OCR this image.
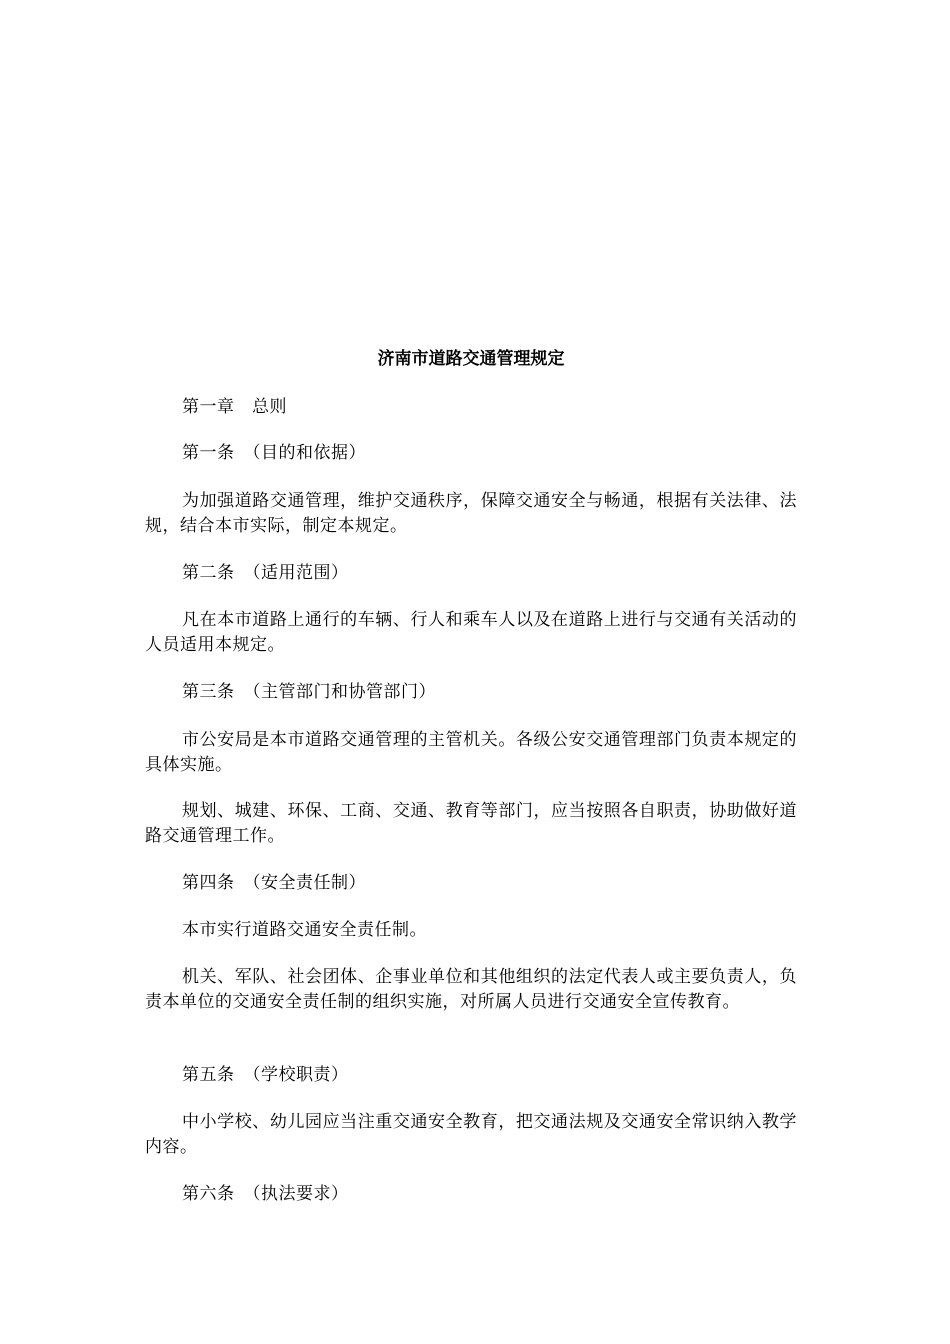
济南市道路交通管理规定

第一章　总则

第一条　（目的和依据）

为加强道路交通管理，维护交通秩序，保障交通安全与畅通，根据有关法律、法规，结合本市实际，制定本规定。

第二条　（适用范围）

凡在本市道路上通行的车辆、行人和乘车人以及在道路上进行与交通有关活动的人员适用本规定。

第三条　（主管部门和协管部门）

市公安局是本市道路交通管理的主管机关。各级公安交通管理部门负责本规定的具体实施。

规划、城建、环保、工商、交通、教育等部门，应当按照各自职责，协助做好道路交通管理工作。

第四条　（安全责任制）

本市实行道路交通安全责任制。

机关、军队、社会团体、企事业单位和其他组织的法定代表人或主要负责人，负责本单位的交通安全责任制的组织实施，对所属人员进行交通安全宣传教育。

第五条　（学校职责）

中小学校、幼儿园应当注重交通安全教育，把交通法规及交通安全常识纳入教学内容。

第六条　（执法要求）
